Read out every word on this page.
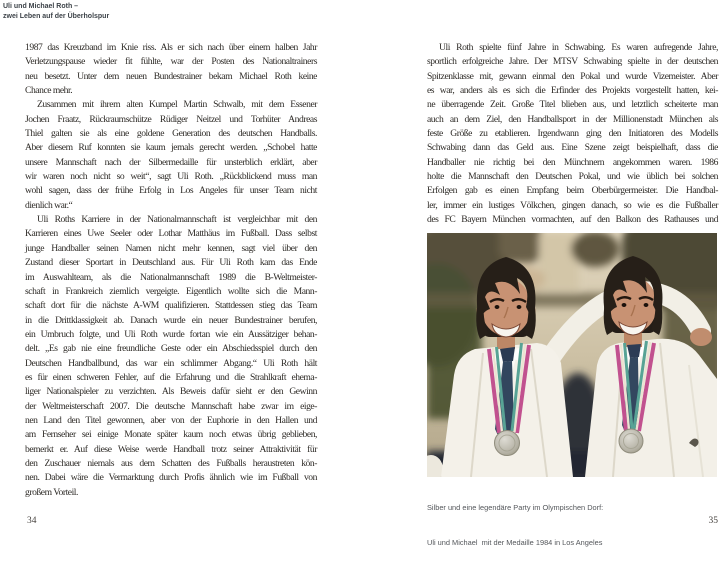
Uli und Michael Roth –
zwei Leben auf der Überholspur
1987 das Kreuzband im Knie riss. Als er sich nach über einem halben Jahr
Verletzungspause wieder fit fühlte, war der Posten des Nationaltrainers
neu besetzt. Unter dem neuen Bundestrainer bekam Michael Roth keine
Chance mehr.
Zusammen mit ihrem alten Kumpel Martin Schwalb, mit dem Essener
Jochen Fraatz, Rückraumschütze Rüdiger Neitzel und Torhüter Andreas
Thiel galten sie als eine goldene Generation des deutschen Handballs.
Aber diesem Ruf konnten sie kaum jemals gerecht werden. „Schobel hatte
unsere Mannschaft nach der Silbermedaille für unsterblich erklärt, aber
wir waren noch nicht so weit“, sagt Uli Roth. „Rückblickend muss man
wohl sagen, dass der frühe Erfolg in Los Angeles für unser Team nicht
dienlich war.“
Uli Roths Karriere in der Nationalmannschaft ist vergleichbar mit den
Karrieren eines Uwe Seeler oder Lothar Matthäus im Fußball. Dass selbst
junge Handballer seinen Namen nicht mehr kennen, sagt viel über den
Zustand dieser Sportart in Deutschland aus. Für Uli Roth kam das Ende
im Auswahlteam, als die Nationalmannschaft 1989 die B-Weltmeister-
schaft in Frankreich ziemlich vergeigte. Eigentlich wollte sich die Mann-
schaft dort für die nächste A-WM qualifizieren. Stattdessen stieg das Team
in die Drittklassigkeit ab. Danach wurde ein neuer Bundestrainer berufen,
ein Umbruch folgte, und Uli Roth wurde fortan wie ein Aussätziger behan-
delt. „Es gab nie eine freundliche Geste oder ein Abschiedsspiel durch den
Deutschen Handballbund, das war ein schlimmer Abgang.“ Uli Roth hält
es für einen schweren Fehler, auf die Erfahrung und die Strahlkraft ehema-
liger Nationalspieler zu verzichten. Als Beweis dafür sieht er den Gewinn
der Weltmeisterschaft 2007. Die deutsche Mannschaft habe zwar im eige-
nen Land den Titel gewonnen, aber von der Euphorie in den Hallen und
am Fernseher sei einige Monate später kaum noch etwas übrig geblieben,
bemerkt er. Auf diese Weise werde Handball trotz seiner Attraktivität für
den Zuschauer niemals aus dem Schatten des Fußballs heraustreten kön-
nen. Dabei wäre die Vermarktung durch Profis ähnlich wie im Fußball von
großem Vorteil.
Uli Roth spielte fünf Jahre in Schwabing. Es waren aufregende Jahre,
sportlich erfolgreiche Jahre. Der MTSV Schwabing spielte in der deutschen
Spitzenklasse mit, gewann einmal den Pokal und wurde Vizemeister. Aber
es war, anders als es sich die Erfinder des Projekts vorgestellt hatten, kei-
ne überragende Zeit. Große Titel blieben aus, und letztlich scheiterte man
auch an dem Ziel, den Handballsport in der Millionenstadt München als
feste Größe zu etablieren. Irgendwann ging den Initiatoren des Modells
Schwabing dann das Geld aus. Eine Szene zeigt beispielhaft, dass die
Handballer nie richtig bei den Münchnern angekommen waren. 1986
holte die Mannschaft den Deutschen Pokal, und wie üblich bei solchen
Erfolgen gab es einen Empfang beim Oberbürgermeister. Die Handbal-
ler, immer ein lustiges Völkchen, gingen danach, so wie es die Fußballer
des FC Bayern München vormachten, auf den Balkon des Rathauses und

Silber und eine legendäre Party im Olympischen Dorf:

Uli und Michael  mit der Medaille 1984 in Los Angeles

34	35
